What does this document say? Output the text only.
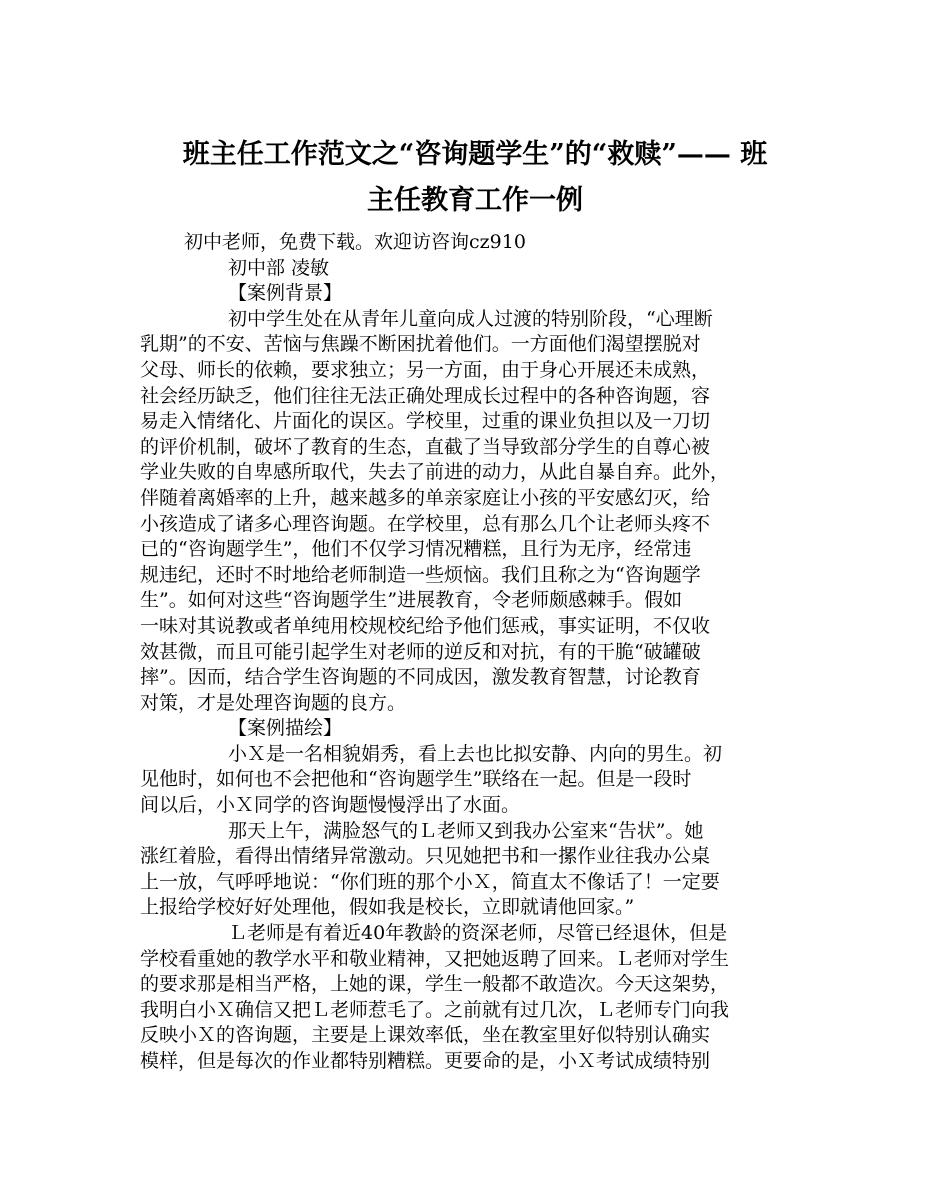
班主任工作范文之“咨询题学生”的“救赎”—— 班
主任教育工作一例
初中老师，免费下载。欢迎访咨询cz910
初中部 凌敏
【案例背景】
初中学生处在从青年儿童向成人过渡的特别阶段，“心理断
乳期”的不安、苦恼与焦躁不断困扰着他们。一方面他们渴望摆脱对
父母、师长的依赖，要求独立；另一方面，由于身心开展还未成熟，
社会经历缺乏，他们往往无法正确处理成长过程中的各种咨询题，容
易走入情绪化、片面化的误区。学校里，过重的课业负担以及一刀切
的评价机制，破坏了教育的生态，直截了当导致部分学生的自尊心被
学业失败的自卑感所取代，失去了前进的动力，从此自暴自弃。此外，
伴随着离婚率的上升，越来越多的单亲家庭让小孩的平安感幻灭，给
小孩造成了诸多心理咨询题。在学校里，总有那么几个让老师头疼不
已的“咨询题学生”，他们不仅学习情况糟糕，且行为无序，经常违
规违纪，还时不时地给老师制造一些烦恼。我们且称之为“咨询题学
生”。如何对这些“咨询题学生”进展教育，令老师颇感棘手。假如
一味对其说教或者单纯用校规校纪给予他们惩戒，事实证明，不仅收
效甚微，而且可能引起学生对老师的逆反和对抗，有的干脆“破罐破
摔”。因而，结合学生咨询题的不同成因，激发教育智慧，讨论教育
对策，才是处理咨询题的良方。
【案例描绘】
小Ｘ是一名相貌娟秀，看上去也比拟安静、内向的男生。初
见他时，如何也不会把他和“咨询题学生”联络在一起。但是一段时
间以后，小Ｘ同学的咨询题慢慢浮出了水面。
那天上午，满脸怒气的Ｌ老师又到我办公室来“告状”。她
涨红着脸，看得出情绪异常激动。只见她把书和一摞作业往我办公桌
上一放，气呼呼地说：“你们班的那个小Ｘ，简直太不像话了！一定要
上报给学校好好处理他，假如我是校长，立即就请他回家。”
Ｌ老师是有着近40年教龄的资深老师，尽管已经退休，但是
学校看重她的教学水平和敬业精神，又把她返聘了回来。Ｌ老师对学生
的要求那是相当严格，上她的课，学生一般都不敢造次。今天这架势，
我明白小Ｘ确信又把Ｌ老师惹毛了。之前就有过几次，Ｌ老师专门向我
反映小Ｘ的咨询题，主要是上课效率低，坐在教室里好似特别认确实
模样，但是每次的作业都特别糟糕。更要命的是，小Ｘ考试成绩特别
